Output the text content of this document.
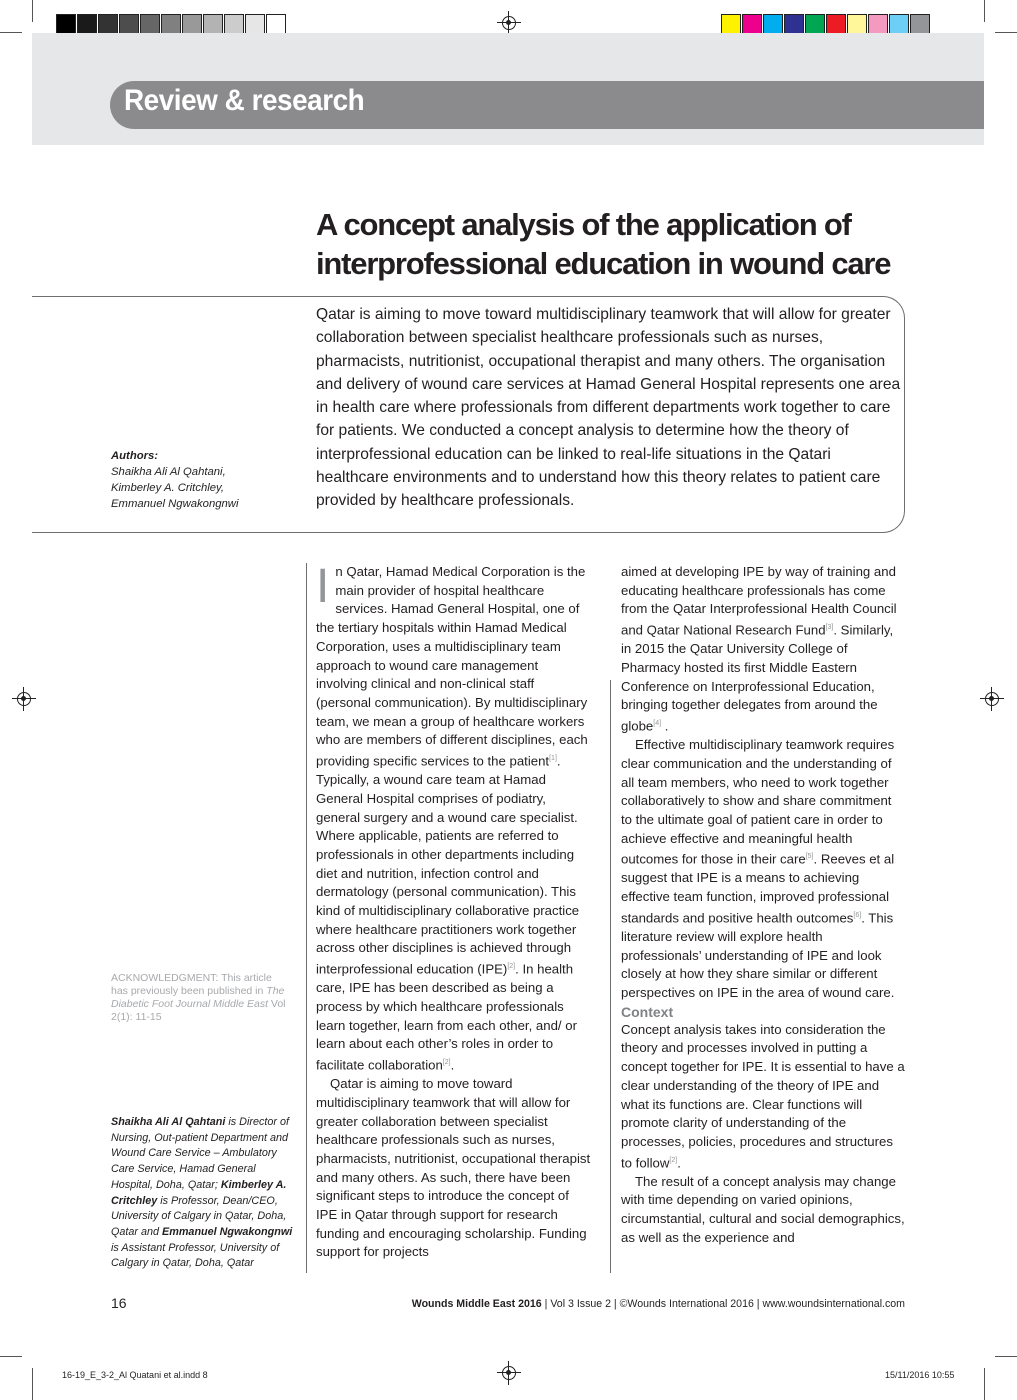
Review & research
A concept analysis of the application of
interprofessional education in wound care
Qatar is aiming to move toward multidisciplinary teamwork that will allow for greater collaboration between specialist healthcare professionals such as nurses, pharmacists, nutritionist, occupational therapist and many others. The organisation and delivery of wound care services at Hamad General Hospital represents one area in health care where professionals from different departments work together to care for patients. We conducted a concept analysis to determine how the theory of interprofessional education can be linked to real-life situations in the Qatari healthcare environments and to understand how this theory relates to patient care provided by healthcare professionals.
Authors:
Shaikha Ali Al Qahtani,
Kimberley A. Critchley,
Emmanuel Ngwakongnwi
ACKNOWLEDGMENT: This article has previously been published in The Diabetic Foot Journal Middle East Vol 2(1): 11-15
Shaikha Ali Al Qahtani is Director of Nursing, Out-patient Department and Wound Care Service – Ambulatory Care Service, Hamad General Hospital, Doha, Qatar; Kimberley A. Critchley is Professor, Dean/CEO, University of Calgary in Qatar, Doha, Qatar and Emmanuel Ngwakongnwi is Assistant Professor, University of Calgary in Qatar, Doha, Qatar

In Qatar, Hamad Medical Corporation is the main provider of hospital healthcare services. Hamad General Hospital, one of the tertiary hospitals within Hamad Medical Corporation, uses a multidisciplinary team approach to wound care management involving clinical and non-clinical staff (personal communication). By multidisciplinary team, we mean a group of healthcare workers who are members of different disciplines, each providing specific services to the patient[1]. Typically, a wound care team at Hamad General Hospital comprises of podiatry, general surgery and a wound care specialist. Where applicable, patients are referred to professionals in other departments including diet and nutrition, infection control and dermatology (personal communication). This kind of multidisciplinary collaborative practice where healthcare practitioners work together across other disciplines is achieved through interprofessional education (IPE)[2]. In health care, IPE has been described as being a process by which healthcare professionals learn together, learn from each other, and/ or learn about each other’s roles in order to facilitate collaboration[2].

Qatar is aiming to move toward multidisciplinary teamwork that will allow for greater collaboration between specialist healthcare professionals such as nurses, pharmacists, nutritionist, occupational therapist and many others. As such, there have been significant steps to introduce the concept of IPE in Qatar through support for research funding and encouraging scholarship. Funding support for projects

aimed at developing IPE by way of training and educating healthcare professionals has come from the Qatar Interprofessional Health Council and Qatar National Research Fund[3]. Similarly, in 2015 the Qatar University College of Pharmacy hosted its first Middle Eastern Conference on Interprofessional Education, bringing together delegates from around the globe[4] .

Effective multidisciplinary teamwork requires clear communication and the understanding of all team members, who need to work together collaboratively to show and share commitment to the ultimate goal of patient care in order to achieve effective and meaningful health outcomes for those in their care[5]. Reeves et al suggest that IPE is a means to achieving effective team function, improved professional standards and positive health outcomes[6]. This literature review will explore health professionals’ understanding of IPE and look closely at how they share similar or different perspectives on IPE in the area of wound care.

Context

Concept analysis takes into consideration the theory and processes involved in putting a concept together for IPE. It is essential to have a clear understanding of the theory of IPE and what its functions are. Clear functions will promote clarity of understanding of the processes, policies, procedures and structures to follow[2].

The result of a concept analysis may change with time depending on varied opinions, circumstantial, cultural and social demographics, as well as the experience and

16	Wounds Middle East 2016 | Vol 3 Issue 2 | ©Wounds International 2016 | www.woundsinternational.com
16-19_E_3-2_Al Quatani et al.indd 8	15/11/2016 10:55
